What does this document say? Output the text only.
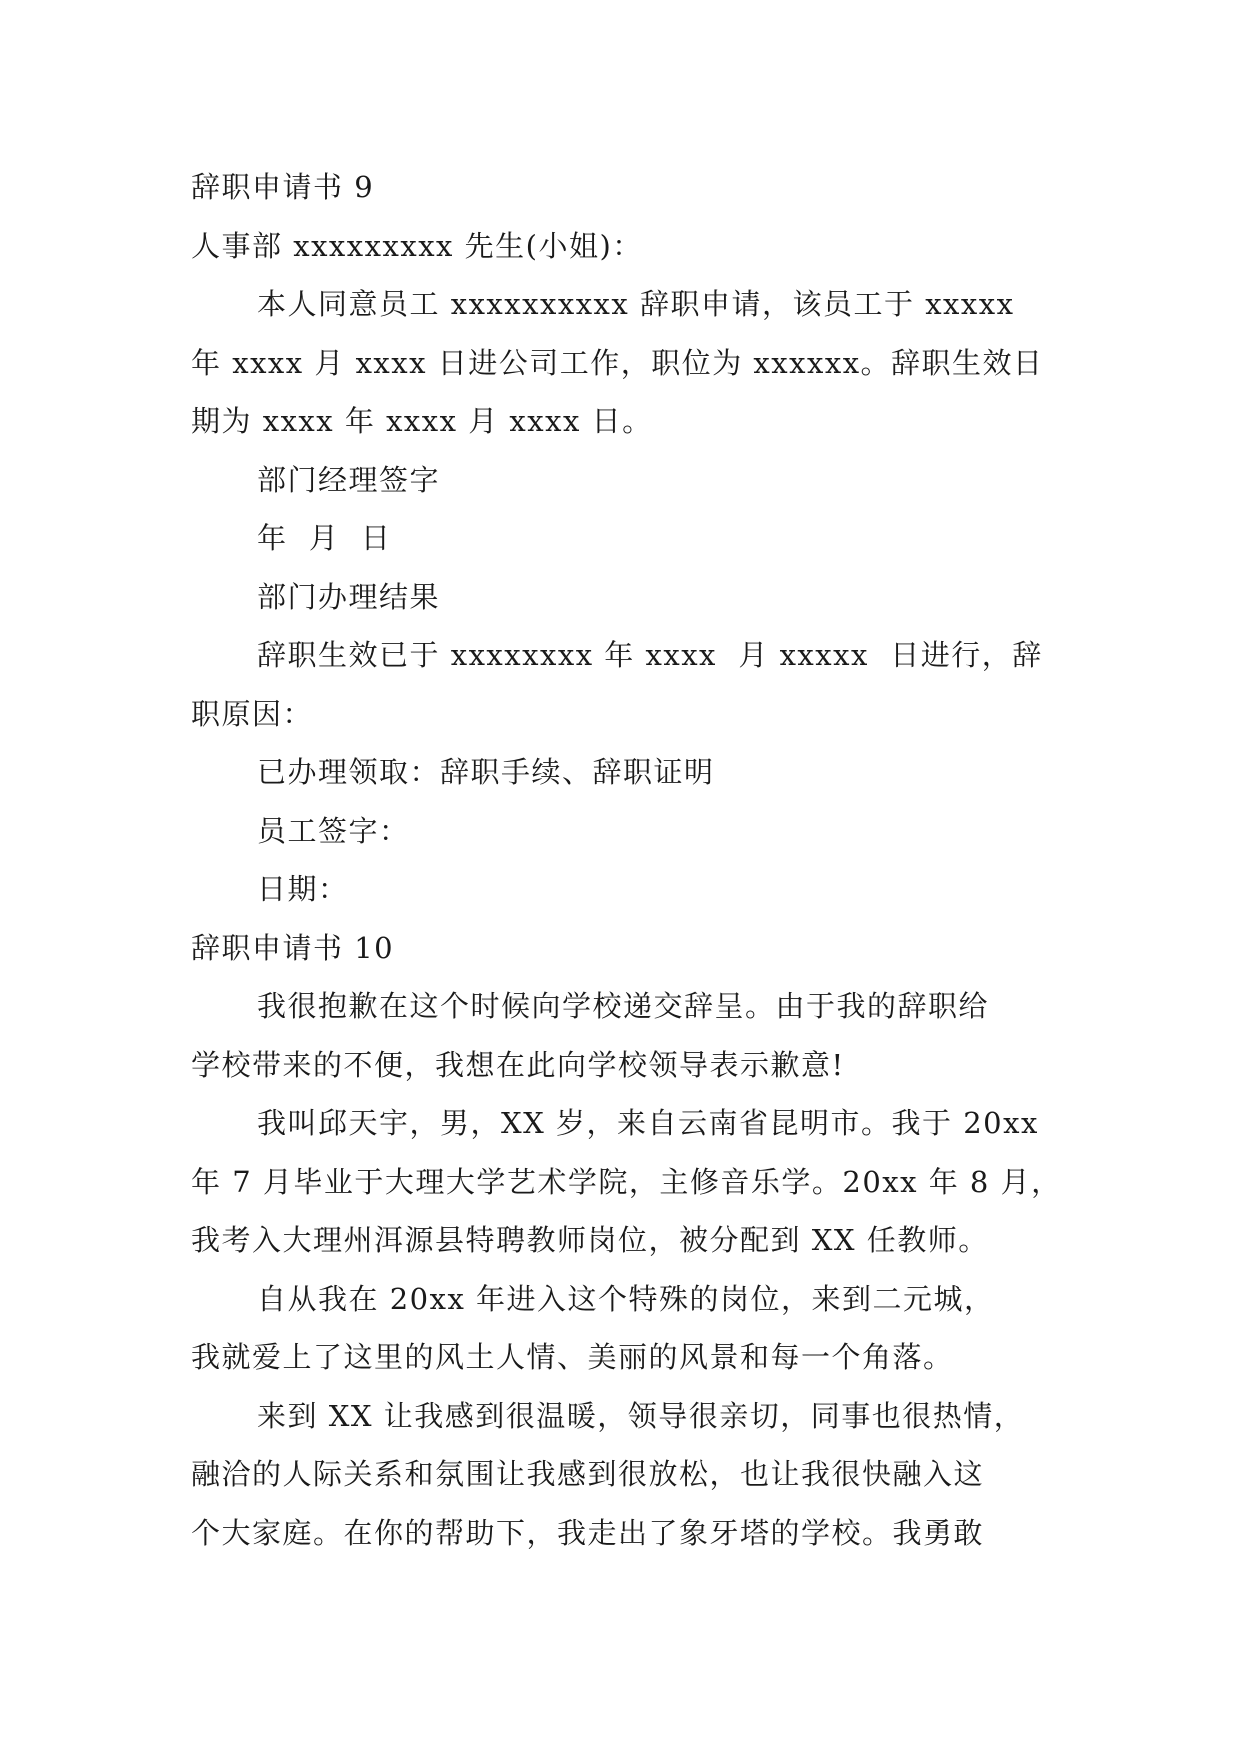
辞职申请书 9
人事部 xxxxxxxxx 先生(小姐)：
本人同意员工 xxxxxxxxxx 辞职申请，该员工于 xxxxx
年 xxxx 月 xxxx 日进公司工作，职位为 xxxxxx。辞职生效日
期为 xxxx 年 xxxx 月 xxxx 日。
部门经理签字
年  月  日
部门办理结果
辞职生效已于 xxxxxxxx 年 xxxx  月 xxxxx  日进行，辞
职原因：
已办理领取：辞职手续、辞职证明
员工签字：
日期：
辞职申请书 10
我很抱歉在这个时候向学校递交辞呈。由于我的辞职给
学校带来的不便，我想在此向学校领导表示歉意!
我叫邱天宇，男，XX 岁，来自云南省昆明市。我于 20xx
年 7 月毕业于大理大学艺术学院，主修音乐学。20xx 年 8 月，
我考入大理州洱源县特聘教师岗位，被分配到 XX 任教师。
自从我在 20xx 年进入这个特殊的岗位，来到二元城，
我就爱上了这里的风土人情、美丽的风景和每一个角落。
来到 XX 让我感到很温暖，领导很亲切，同事也很热情，
融洽的人际关系和氛围让我感到很放松，也让我很快融入这
个大家庭。在你的帮助下，我走出了象牙塔的学校。我勇敢
